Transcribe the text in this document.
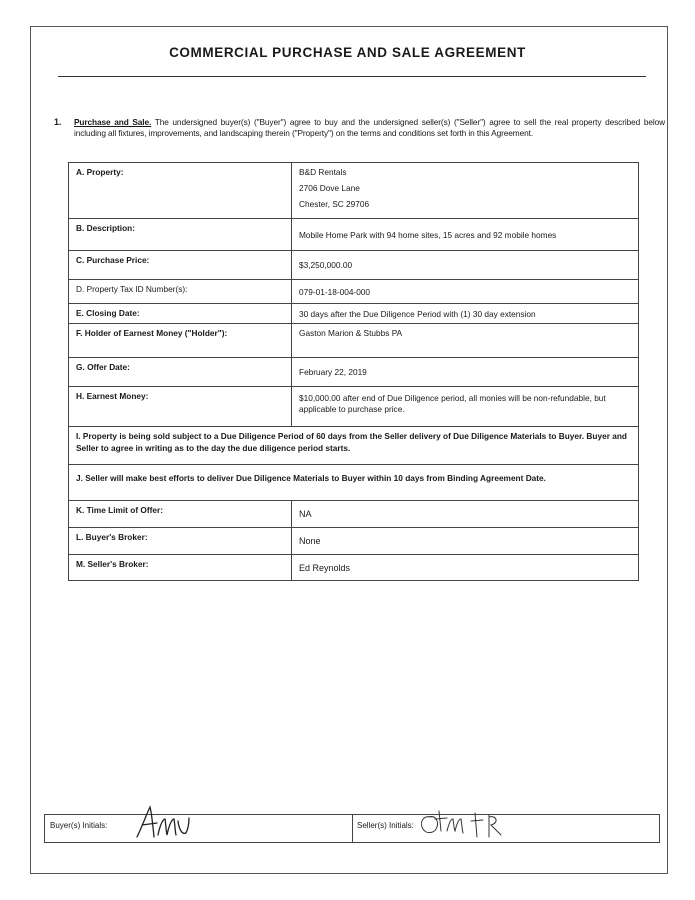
COMMERCIAL PURCHASE AND SALE AGREEMENT
1. Purchase and Sale. The undersigned buyer(s) ("Buyer") agree to buy and the undersigned seller(s) ("Seller") agree to sell the real property described below including all fixtures, improvements, and landscaping therein ("Property") on the terms and conditions set forth in this Agreement.
A. Property:	B&D Rentals
2706 Dove Lane
Chester, SC 29706

B. Description:	Mobile Home Park with 94 home sites, 15 acres and 92 mobile homes
C. Purchase Price:	$3,250,000.00
D. Property Tax ID Number(s):	079-01-18-004-000
E. Closing Date:	30 days after the Due Diligence Period with (1) 30 day extension
F. Holder of Earnest Money ("Holder"):	Gaston Marion & Stubbs PA
G. Offer Date:	February 22, 2019
H. Earnest Money:	$10,000.00 after end of Due Diligence period, all monies will be non-refundable, but applicable to purchase price.
I. Property is being sold subject to a Due Diligence Period of 60 days from the Seller delivery of Due Diligence Materials to Buyer. Buyer and Seller to agree in writing as to the day the due diligence period starts.	
J. Seller will make best efforts to deliver Due Diligence Materials to Buyer within 10 days from Binding Agreement Date.	
K. Time Limit of Offer:	NA
L. Buyer's Broker:	None
M. Seller's Broker:	Ed Reynolds
Buyer(s) Initials:	Seller(s) Initials:
